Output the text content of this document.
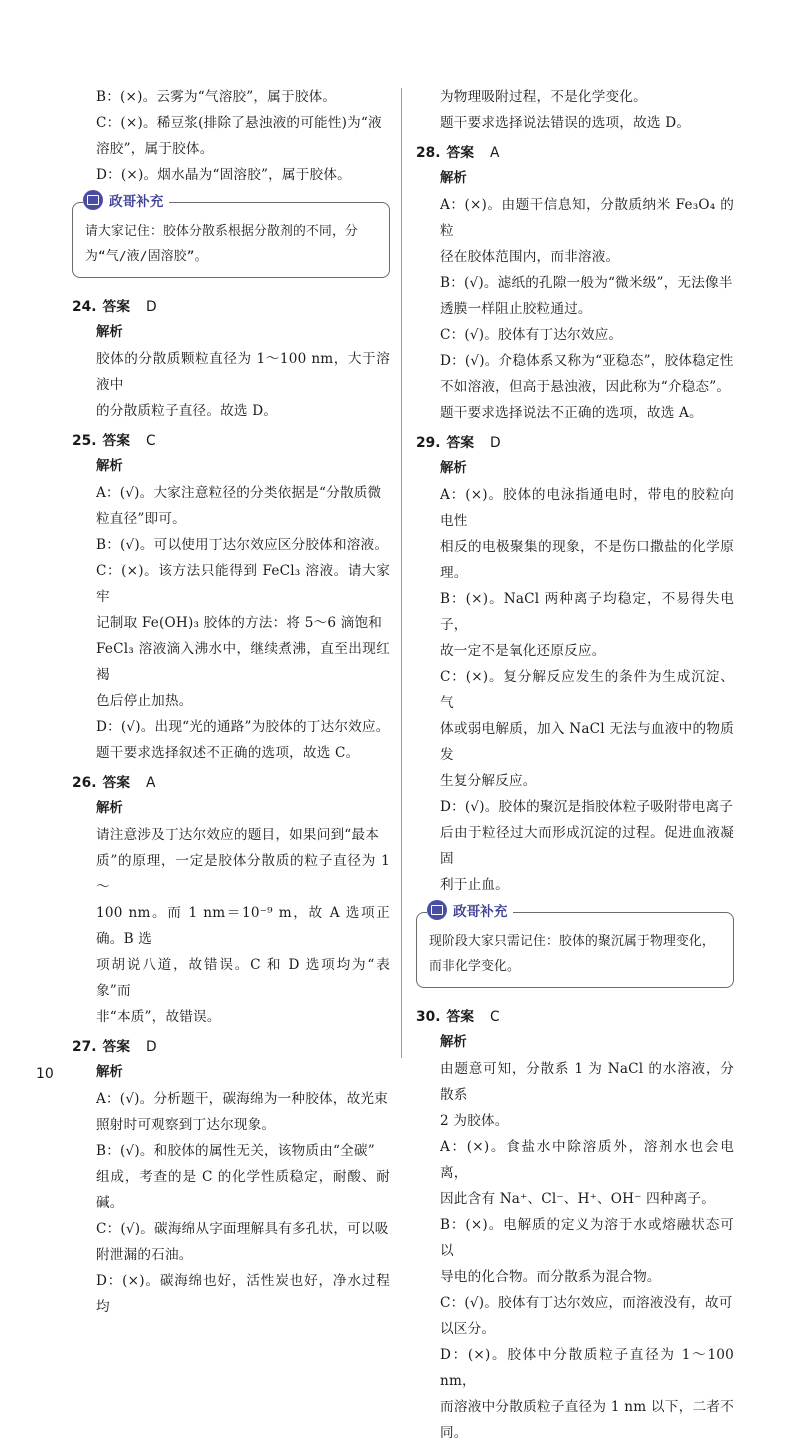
B：(×)。云雾为“气溶胶”，属于胶体。

C：(×)。稀豆浆(排除了悬浊液的可能性)为“液

溶胶”，属于胶体。

D：(×)。烟水晶为“固溶胶”，属于胶体。

政哥补充

请大家记住：胶体分散系根据分散剂的不同，分

为“气/液/固溶胶”。

24. 答案 D
解析

胶体的分散质颗粒直径为 1～100 nm，大于溶液中

的分散质粒子直径。故选 D。

25. 答案 C
解析

A：(√)。大家注意粒径的分类依据是“分散质微

粒直径”即可。

B：(√)。可以使用丁达尔效应区分胶体和溶液。

C：(×)。该方法只能得到 FeCl₃ 溶液。请大家牢

记制取 Fe(OH)₃ 胶体的方法：将 5～6 滴饱和

FeCl₃ 溶液滴入沸水中，继续煮沸，直至出现红褐

色后停止加热。

D：(√)。出现“光的通路”为胶体的丁达尔效应。

题干要求选择叙述不正确的选项，故选 C。

26. 答案 A
解析

请注意涉及丁达尔效应的题目，如果问到“最本

质”的原理，一定是胶体分散质的粒子直径为 1～

100 nm。而 1 nm＝10⁻⁹ m，故 A 选项正确。B 选

项胡说八道，故错误。C 和 D 选项均为“表象”而

非“本质”，故错误。

27. 答案 D
解析

A：(√)。分析题干，碳海绵为一种胶体，故光束

照射时可观察到丁达尔现象。

B：(√)。和胶体的属性无关，该物质由“全碳”

组成，考查的是 C 的化学性质稳定，耐酸、耐碱。

C：(√)。碳海绵从字面理解具有多孔状，可以吸

附泄漏的石油。

D：(×)。碳海绵也好，活性炭也好，净水过程均

为物理吸附过程，不是化学变化。

题干要求选择说法错误的选项，故选 D。

28. 答案 A
解析

A：(×)。由题干信息知，分散质纳米 Fe₃O₄ 的粒

径在胶体范围内，而非溶液。

B：(√)。滤纸的孔隙一般为“微米级”，无法像半

透膜一样阻止胶粒通过。

C：(√)。胶体有丁达尔效应。

D：(√)。介稳体系又称为“亚稳态”，胶体稳定性

不如溶液，但高于悬浊液，因此称为“介稳态”。

题干要求选择说法不正确的选项，故选 A。

29. 答案 D
解析

A：(×)。胶体的电泳指通电时，带电的胶粒向电性

相反的电极聚集的现象，不是伤口撒盐的化学原理。

B：(×)。NaCl 两种离子均稳定，不易得失电子，

故一定不是氧化还原反应。

C：(×)。复分解反应发生的条件为生成沉淀、气

体或弱电解质，加入 NaCl 无法与血液中的物质发

生复分解反应。

D：(√)。胶体的聚沉是指胶体粒子吸附带电离子

后由于粒径过大而形成沉淀的过程。促进血液凝固

利于止血。

政哥补充

现阶段大家只需记住：胶体的聚沉属于物理变化，

而非化学变化。

30. 答案 C
解析

由题意可知，分散系 1 为 NaCl 的水溶液，分散系

2 为胶体。

A：(×)。食盐水中除溶质外，溶剂水也会电离，

因此含有 Na⁺、Cl⁻、H⁺、OH⁻ 四种离子。

B：(×)。电解质的定义为溶于水或熔融状态可以

导电的化合物。而分散系为混合物。

C：(√)。胶体有丁达尔效应，而溶液没有，故可

以区分。

D：(×)。胶体中分散质粒子直径为 1～100 nm，

而溶液中分散质粒子直径为 1 nm 以下，二者不同。

10
